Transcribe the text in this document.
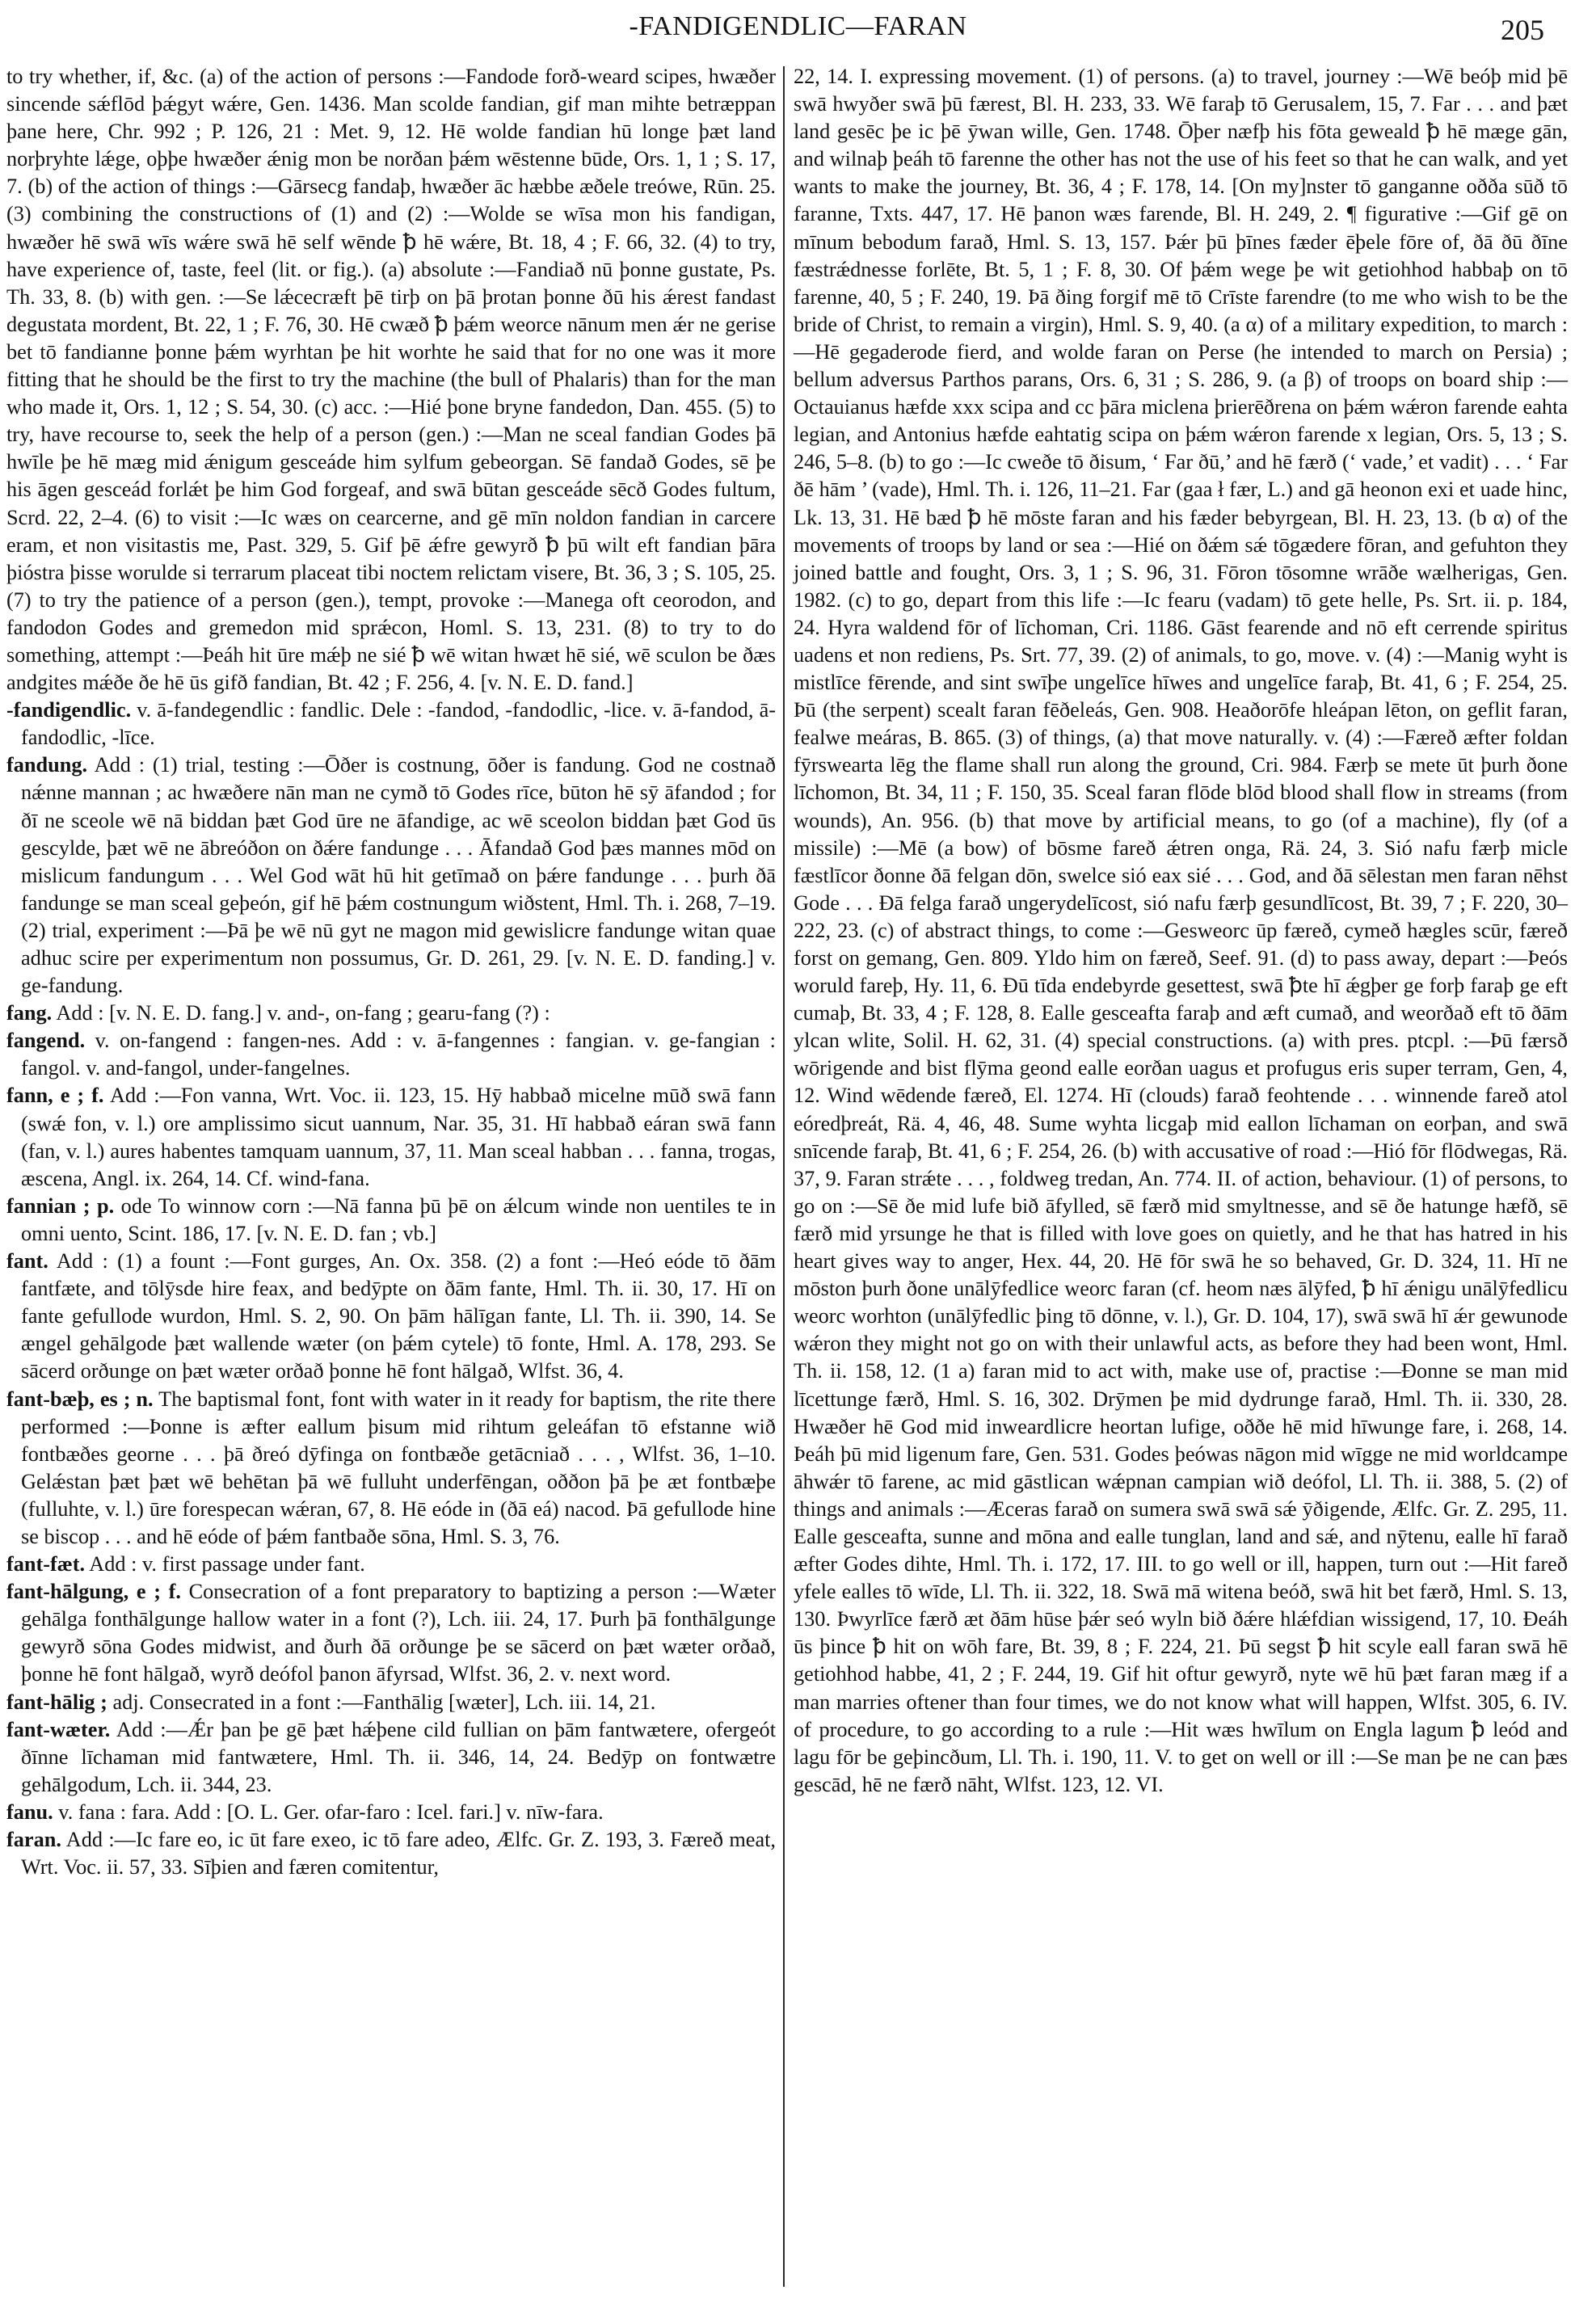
-FANDIGENDLIC—FARAN	205

to try whether, if, &c. (a) of the action of persons :—Fandode forð-weard scipes, hwæðer sincende sǽflōd þǽgyt wǽre, Gen. 1436. Man scolde fandian, gif man mihte betræppan þane here, Chr. 992 ; P. 126, 21 : Met. 9, 12. Hē wolde fandian hū longe þæt land norþryhte lǽge, oþþe hwæðer ǽnig mon be norðan þǽm wēstenne būde, Ors. 1, 1 ; S. 17, 7. (b) of the action of things :—Gārsecg fandaþ, hwæðer āc hæbbe æðele treówe, Rūn. 25. (3) combining the constructions of (1) and (2) :—Wolde se wīsa mon his fandigan, hwæðer hē swā wīs wǽre swā hē self wēnde ꝥ hē wǽre, Bt. 18, 4 ; F. 66, 32. (4) to try, have experience of, taste, feel (lit. or fig.). (a) absolute :—Fandiað nū þonne gustate, Ps. Th. 33, 8. (b) with gen. :—Se lǽcecræft þē tirþ on þā þrotan þonne ðū his ǽrest fandast degustata mordent, Bt. 22, 1 ; F. 76, 30. Hē cwæð ꝥ þǽm weorce nānum men ǽr ne gerise bet tō fandianne þonne þǽm wyrhtan þe hit worhte he said that for no one was it more fitting that he should be the first to try the machine (the bull of Phalaris) than for the man who made it, Ors. 1, 12 ; S. 54, 30. (c) acc. :—Hié þone bryne fandedon, Dan. 455. (5) to try, have recourse to, seek the help of a person (gen.) :—Man ne sceal fandian Godes þā hwīle þe hē mæg mid ǽnigum gesceáde him sylfum gebeorgan. Sē fandað Godes, sē þe his āgen gesceád forlǽt þe him God forgeaf, and swā būtan gesceáde sēcð Godes fultum, Scrd. 22, 2–4. (6) to visit :—Ic wæs on cearcerne, and gē mīn noldon fandian in carcere eram, et non visitastis me, Past. 329, 5. Gif þē ǽfre gewyrð ꝥ þū wilt eft fandian þāra þióstra þisse woruldе si terrarum placeat tibi noctem relictam visere, Bt. 36, 3 ; S. 105, 25. (7) to try the patience of a person (gen.), tempt, provoke :—Manega oft ceorodon, and fandodon Godes and gremedon mid sprǽcon, Homl. S. 13, 231. (8) to try to do something, attempt :—Þeáh hit ūre mǽþ ne sié ꝥ wē witan hwæt hē sié, wē sculon be ðæs andgites mǽðe ðe hē ūs gifð fandian, Bt. 42 ; F. 256, 4. [v. N. E. D. fand.]

-fandigendlic. v. ā-fandegendlic : fandlic. Dele : -fandod, -fandodlic, -lice. v. ā-fandod, ā-fandodlic, -līce.

fandung. Add : (1) trial, testing :—Ōðer is costnung, ōðer is fandung. God ne costnað nǽnne mannan ; ac hwæðere nān man ne cymð tō Godes rīce, būton hē sȳ āfandod ; for ðī ne sceole wē nā biddan þæt God ūre ne āfandige, ac wē sceolon biddan þæt God ūs gescylde, þæt wē ne ābreóðon on ðǽre fandunge . . . Āfandað God þæs mannes mōd on mislicum fandungum . . . Wel God wāt hū hit getīmað on þǽre fandunge . . . þurh ðā fandunge se man sceal geþeón, gif hē þǽm costnungum wiðstent, Hml. Th. i. 268, 7–19. (2) trial, experiment :—Þā þe wē nū gyt ne magon mid gewislicre fandunge witan quae adhuc scire per experimentum non possumus, Gr. D. 261, 29. [v. N. E. D. fanding.] v. ge-fandung.

fang. Add : [v. N. E. D. fang.] v. and-, on-fang ; gearu-fang (?) :

fangend. v. on-fangend : fangen-nes. Add : v. ā-fangennes : fangian. v. ge-fangian : fangol. v. and-fangol, under-fangelnes.

fann, e ; f. Add :—Fon vanna, Wrt. Voc. ii. 123, 15. Hȳ habbað micelne mūð swā fann (swǽ fon, v. l.) ore amplissimo sicut uannum, Nar. 35, 31. Hī habbað eáran swā fann (fan, v. l.) aures habentes tamquam uannum, 37, 11. Man sceal habban . . . fanna, trogas, æscena, Angl. ix. 264, 14. Cf. wind-fana.

fannian ; p. ode To winnow corn :—Nā fanna þū þē on ǽlcum winde non uentiles te in omni uento, Scint. 186, 17. [v. N. E. D. fan ; vb.]

fant. Add : (1) a fount :—Font gurges, An. Ox. 358. (2) a font :—Heó eóde tō ðām fantfæte, and tōlȳsde hire feax, and bedȳpte on ðām fante, Hml. Th. ii. 30, 17. Hī on fante gefullode wurdon, Hml. S. 2, 90. On þām hālīgan fante, Ll. Th. ii. 390, 14. Se ængel gehālgode þæt wallende wæter (on þǽm cytele) tō fonte, Hml. A. 178, 293. Se sācerd orðunge on þæt wæter orðað þonne hē font hālgað, Wlfst. 36, 4.

fant-bæþ, es ; n. The baptismal font, font with water in it ready for baptism, the rite there performed :—Þonne is æfter eallum þisum mid rihtum geleáfan tō efstanne wið fontbæðes georne . . . þā ðreó dȳfinga on fontbæðe getācniað . . . , Wlfst. 36, 1–10. Gelǽstan þæt þæt wē behētan þā wē fulluht underfēngan, oððon þā þe æt fontbæþe (fulluhte, v. l.) ūre forespecan wǽran, 67, 8. Hē eóde in (ðā eá) nacod. Þā gefullode hine se biscop . . . and hē eóde of þǽm fantbaðe sōna, Hml. S. 3, 76.

fant-fæt. Add : v. first passage under fant.

fant-hālgung, e ; f. Consecration of a font preparatory to baptizing a person :—Wæter gehālga fonthālgunge hallow water in a font (?), Lch. iii. 24, 17. Þurh þā fonthālgunge gewyrð sōna Godes midwist, and ðurh ðā orðunge þe se sācerd on þæt wæter orðað, þonne hē font hālgað, wyrð deófol þanon āfyrsad, Wlfst. 36, 2. v. next word.

fant-hālig ; adj. Consecrated in a font :—Fanthālig [wæter], Lch. iii. 14, 21.

fant-wæter. Add :—Ǽr þan þe gē þæt hǽþene cild fullian on þām fantwætere, ofergeót ðīnne līchaman mid fantwætere, Hml. Th. ii. 346, 14, 24. Bedȳp on fontwætre gehālgodum, Lch. ii. 344, 23.

fanu. v. fana : fara. Add : [O. L. Ger. ofar-faro : Icel. fari.] v. nīw-fara.

faran. Add :—Ic fare eo, ic ūt fare exeo, ic tō fare adeo, Ælfc. Gr. Z. 193, 3. Færeð meat, Wrt. Voc. ii. 57, 33. Sīþien and færen comitentur,

22, 14. I. expressing movement. (1) of persons. (a) to travel, journey :—Wē beóþ mid þē swā hwyðer swā þū færest, Bl. H. 233, 33. Wē faraþ tō Gerusalem, 15, 7. Far . . . and þæt land gesēc þe ic þē ȳwan wille, Gen. 1748. Ōþer næfþ his fōta geweald ꝥ hē mæge gān, and wilnaþ þeáh tō farenne the other has not the use of his feet so that he can walk, and yet wants to make the journey, Bt. 36, 4 ; F. 178, 14. [On my]nster tō ganganne oððа sūð tō faranne, Txts. 447, 17. Hē þanon wæs farende, Bl. H. 249, 2. ¶ figurative :—Gif gē on mīnum bebodum farað, Hml. S. 13, 157. Þǽr þū þīnes fæder ēþele fōre of, ðā ðū ðīne fæstrǽdnesse forlēte, Bt. 5, 1 ; F. 8, 30. Of þǽm wege þe wit getiohhod habbaþ on tō farenne, 40, 5 ; F. 240, 19. Þā ðing forgif mē tō Crīste farendre (to me who wish to be the bride of Christ, to remain a virgin), Hml. S. 9, 40. (a α) of a military expedition, to march :—Hē gegaderode fierd, and wolde faran on Perse (he intended to march on Persia) ; bellum adversus Parthos parans, Ors. 6, 31 ; S. 286, 9. (a β) of troops on board ship :—Octauianus hæfde xxx scipa and cc þāra miclena þrierēðrena on þǽm wǽron farende eahta legian, and Antonius hæfde eahtatig scipa on þǽm wǽron farende x legian, Ors. 5, 13 ; S. 246, 5–8. (b) to go :—Ic cweðe tō ðisum, ‘ Far ðū,’ and hē færð (‘ vade,’ et vadit) . . . ‘ Far ðē hām ’ (vade), Hml. Th. i. 126, 11–21. Far (gaa ł fær, L.) and gā heonon exi et uade hinc, Lk. 13, 31. Hē bæd ꝥ hē mōste faran and his fæder bebyrgean, Bl. H. 23, 13. (b α) of the movements of troops by land or sea :—Hié on ðǽm sǽ tōgædere fōran, and gefuhton they joined battle and fought, Ors. 3, 1 ; S. 96, 31. Fōron tōsomne wrāðe wælherigas, Gen. 1982. (c) to go, depart from this life :—Ic fearu (vadam) tō gete helle, Ps. Srt. ii. p. 184, 24. Hyra waldend fōr of līchoman, Cri. 1186. Gāst fearende and nō eft cerrende spiritus uadens et non rediens, Ps. Srt. 77, 39. (2) of animals, to go, move. v. (4) :—Manig wyht is mistlīce fērende, and sint swīþe ungelīce hīwes and ungelīce faraþ, Bt. 41, 6 ; F. 254, 25. Þū (the serpent) scealt faran fēðeleás, Gen. 908. Heaðorōfe hleápan lēton, on geflit faran, fealwe meáras, B. 865. (3) of things, (a) that move naturally. v. (4) :—Færeð æfter foldan fȳrswearta lēg the flame shall run along the ground, Cri. 984. Færþ se mete ūt þurh ðone līchomon, Bt. 34, 11 ; F. 150, 35. Sceal faran flōde blōd blood shall flow in streams (from wounds), An. 956. (b) that move by artificial means, to go (of a machine), fly (of a missile) :—Mē (a bow) of bōsme fareð ǽtren onga, Rä. 24, 3. Sió nafu færþ micle fæstlīcor ðonne ðā felgan dōn, swelce sió eax sié . . . God, and ðā sēlestan men faran nēhst Gode . . . Ðā felga farað ungerydelīcost, sió nafu færþ gesundlīcost, Bt. 39, 7 ; F. 220, 30–222, 23. (c) of abstract things, to come :—Gesweorc ūp færeð, cymeð hægles scūr, færeð forst on gemang, Gen. 809. Yldo him on færeð, Seef. 91. (d) to pass away, depart :—Þeós woruld fareþ, Hy. 11, 6. Ðū tīda endebyrde gesettest, swā ꝥte hī ǽgþer ge forþ faraþ ge eft cumaþ, Bt. 33, 4 ; F. 128, 8. Ealle gesceafta faraþ and æft cumað, and weorðað eft tō ðām ylcan wlite, Solil. H. 62, 31. (4) special constructions. (a) with pres. ptcpl. :—Þū færsð wōrigende and bist flȳma geond ealle eorðan uagus et profugus eris super terram, Gen, 4, 12. Wind wēdende færeð, El. 1274. Hī (clouds) farað feohtende . . . winnende fareð atol eóredþreát, Rä. 4, 46, 48. Sume wyhta licgaþ mid eallon līchaman on eorþan, and swā snīcende faraþ, Bt. 41, 6 ; F. 254, 26. (b) with accusative of road :—Hió fōr flōdwegas, Rä. 37, 9. Faran strǽte . . . , foldweg tredan, An. 774. II. of action, behaviour. (1) of persons, to go on :—Sē ðe mid lufe bið āfylled, sē færð mid smyltnesse, and sē ðe hatunge hæfð, sē færð mid yrsunge he that is filled with love goes on quietly, and he that has hatred in his heart gives way to anger, Hex. 44, 20. Hē fōr swā he so behaved, Gr. D. 324, 11. Hī ne mōston þurh ðone unālȳfedlice weorc faran (cf. heom næs ālȳfed, ꝥ hī ǽnigu unālȳfedlicu weorc worhton (unālȳfedlic þing tō dōnne, v. l.), Gr. D. 104, 17), swā swā hī ǽr gewunode wǽron they might not go on with their unlawful acts, as before they had been wont, Hml. Th. ii. 158, 12. (1 a) faran mid to act with, make use of, practise :—Ðonne se man mid līcettunge færð, Hml. S. 16, 302. Drȳmen þe mid dydrunge farað, Hml. Th. ii. 330, 28. Hwæðer hē God mid inweardlicre heortan lufige, oððe hē mid hīwunge fare, i. 268, 14. Þeáh þū mid ligenum fare, Gen. 531. Godes þeówas nāgon mid wīgge ne mid worldcampe āhwǽr tō farene, ac mid gāstlican wǽpnan campian wið deófol, Ll. Th. ii. 388, 5. (2) of things and animals :—Æceras farað on sumera swā swā sǽ ȳðigende, Ælfc. Gr. Z. 295, 11. Ealle gesceafta, sunne and mōna and ealle tunglan, land and sǽ, and nȳtenu, ealle hī farað æfter Godes dihte, Hml. Th. i. 172, 17. III. to go well or ill, happen, turn out :—Hit fareð yfele ealles tō wīde, Ll. Th. ii. 322, 18. Swā mā witena beóð, swā hit bet færð, Hml. S. 13, 130. Þwyrlīce færð æt ðām hūse þǽr seó wyln bið ðǽre hlǽfdian wissigend, 17, 10. Ðeáh ūs þince ꝥ hit on wōh fare, Bt. 39, 8 ; F. 224, 21. Þū segst ꝥ hit scyle eall faran swā hē getiohhod habbe, 41, 2 ; F. 244, 19. Gif hit oftur gewyrð, nyte wē hū þæt faran mæg if a man marries oftener than four times, we do not know what will happen, Wlfst. 305, 6. IV. of procedure, to go according to a rule :—Hit wæs hwīlum on Engla lagum ꝥ leód and lagu fōr be geþincðum, Ll. Th. i. 190, 11. V. to get on well or ill :—Se man þe ne can þæs gescād, hē ne færð nāht, Wlfst. 123, 12. VI.
